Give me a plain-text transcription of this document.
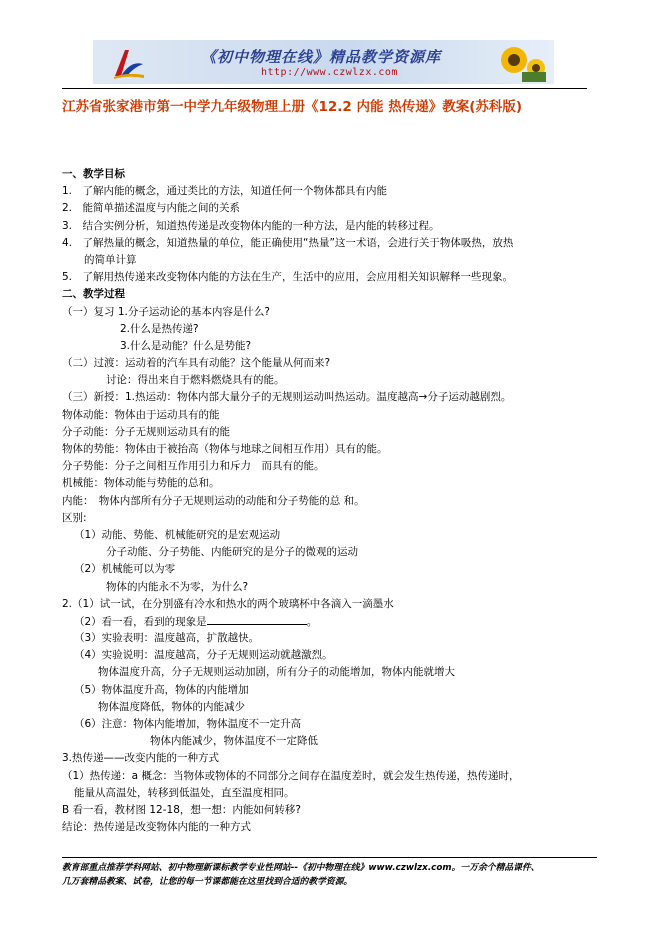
《初中物理在线》精品教学资源库
http://www.czwlzx.com
江苏省张家港市第一中学九年级物理上册《12.2 内能 热传递》教案(苏科版)
一、教学目标
1.　了解内能的概念，通过类比的方法，知道任何一个物体都具有内能
2.　能简单描述温度与内能之间的关系
3.　结合实例分析，知道热传递是改变物体内能的一种方法，是内能的转移过程。
4.　了解热量的概念，知道热量的单位，能正确使用“热量”这一术语，会进行关于物体吸热，放热
的简单计算
5.　了解用热传递来改变物体内能的方法在生产，生活中的应用，会应用相关知识解释一些现象。
二、教学过程
（一）复习 1.分子运动论的基本内容是什么?
2.什么是热传递?
3.什么是动能？什么是势能?
（二）过渡：运动着的汽车具有动能？这个能量从何而来?
讨论：得出来自于燃料燃烧具有的能。
（三）新授：1.热运动：物体内部大量分子的无规则运动叫热运动。温度越高→分子运动越剧烈。
物体动能：物体由于运动具有的能
分子动能：分子无规则运动具有的能
物体的势能：物体由于被抬高（物体与地球之间相互作用）具有的能。
分子势能：分子之间相互作用引力和斥力　而具有的能。
机械能：物体动能与势能的总和。
内能：　物体内部所有分子无规则运动的动能和分子势能的总 和。
区别:
（1）动能、势能、机械能研究的是宏观运动
分子动能、分子势能、内能研究的是分子的微观的运动
（2）机械能可以为零
物体的内能永不为零，为什么?
2.（1）试一试，在分别盛有冷水和热水的两个玻璃杯中各滴入一滴墨水
（2）看一看，看到的现象是	。
（3）实验表明：温度越高，扩散越快。
（4）实验说明：温度越高，分子无规则运动就越激烈。
物体温度升高，分子无规则运动加剧，所有分子的动能增加，物体内能就增大
（5）物体温度升高，物体的内能增加
物体温度降低，物体的内能减少
（6）注意：物体内能增加，物体温度不一定升高
物体内能减少，物体温度不一定降低
3.热传递——改变内能的一种方式
（1）热传递：a 概念：当物体或物体的不同部分之间存在温度差时，就会发生热传递，热传递时，
能量从高温处，转移到低温处，直至温度相同。
B 看一看，教材图 12-18，想一想：内能如何转移?
结论：热传递是改变物体内能的一种方式
教育部重点推荐学科网站、初中物理新课标教学专业性网站--《初中物理在线》www.czwlzx.com。一万余个精品课件、
几万套精品教案、试卷，让您的每一节课都能在这里找到合适的教学资源。
